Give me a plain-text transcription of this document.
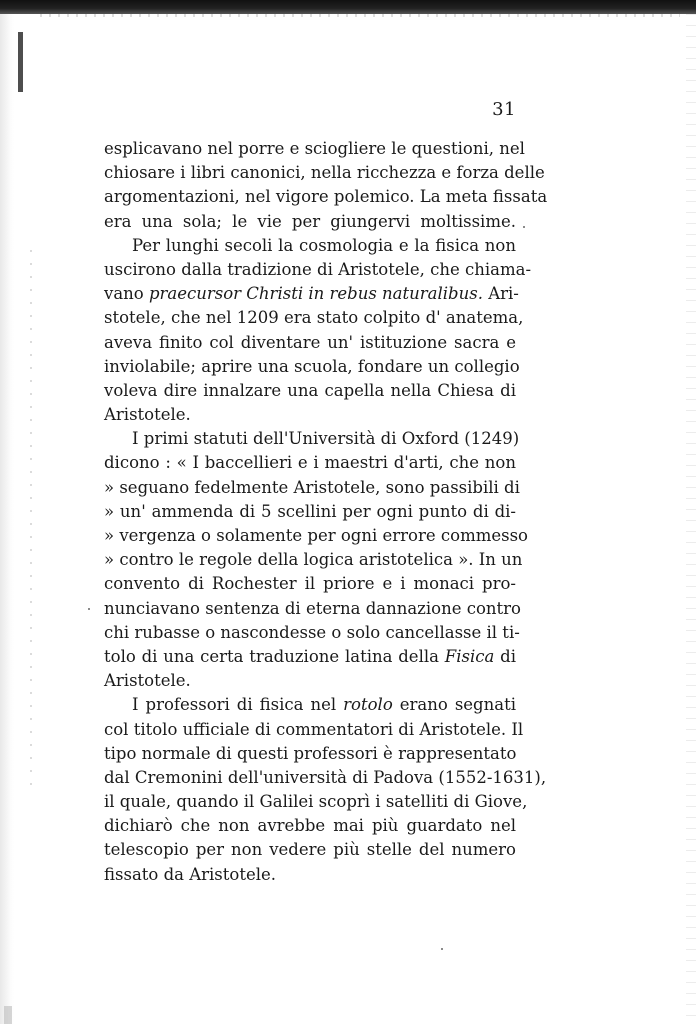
31
esplicavano nel porre e sciogliere le questioni, nel
chiosare i libri canonici, nella ricchezza e forza delle
argomentazioni, nel vigore polemico. La meta fissata
era una sola; le vie per giungervi moltissime.
Per lunghi secoli la cosmologia e la fisica non
uscirono dalla tradizione di Aristotele, che chiama-
vano praecursor Christi in rebus naturalibus. Ari-
stotele, che nel 1209 era stato colpito d' anatema,
aveva finito col diventare un' istituzione sacra e
inviolabile; aprire una scuola, fondare un collegio
voleva dire innalzare una capella nella Chiesa di
Aristotele.
I primi statuti dell'Università di Oxford (1249)
dicono : « I baccellieri e i maestri d'arti, che non
» seguano fedelmente Aristotele, sono passibili di
» un' ammenda di 5 scellini per ogni punto di di-
» vergenza o solamente per ogni errore commesso
» contro le regole della logica aristotelica ». In un
convento di Rochester il priore e i monaci pro-
nunciavano sentenza di eterna dannazione contro
chi rubasse o nascondesse o solo cancellasse il ti-
tolo di una certa traduzione latina della Fisica di
Aristotele.
I professori di fisica nel rotolo erano segnati
col titolo ufficiale di commentatori di Aristotele. Il
tipo normale di questi professori è rappresentato
dal Cremonini dell'università di Padova (1552-1631),
il quale, quando il Galilei scoprì i satelliti di Giove,
dichiarò che non avrebbe mai più guardato nel
telescopio per non vedere più stelle del numero
fissato da Aristotele.
